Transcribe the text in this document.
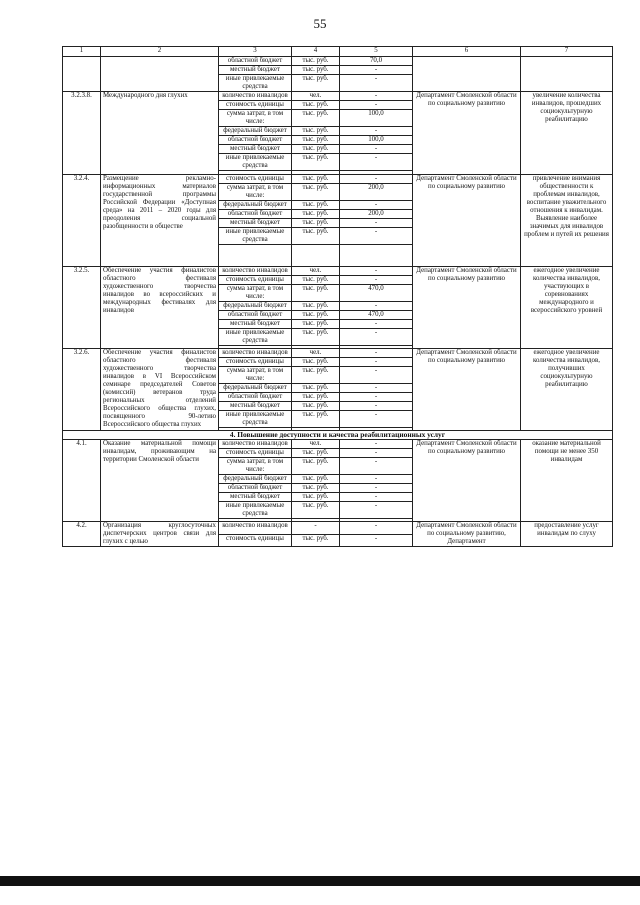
55
1	2	3	4	5	6	7
		областной бюджет	тыс. руб.	70,0		
		местный бюджет	тыс. руб.	-		
		иные привлекаемые средства	тыс. руб.	-		
3.2.3.8.	Международного дня глухих	количество инвалидов	чел.	-	Департамент Смоленской области по социальному развитию	увеличение количества инвалидов, прошедших социокультурную реабилитацию
		стоимость единицы	тыс. руб.	-		
		сумма затрат, в том числе:	тыс. руб.	100,0		
		федеральный бюджет	тыс. руб.	-		
		областной бюджет	тыс. руб.	100,0		
		местный бюджет	тыс. руб.	-		
		иные привлекаемые средства	тыс. руб.	-		

3.2.4.	Размещение рекламно-информационных материалов государственной программы Российской Федерации «Доступная среда» на 2011 – 2020 годы для преодоления социальной разобщенности в обществе	стоимость единицы	тыс. руб.	-	Департамент Смоленской области по социальному развитию	привлечение внимания общественности к проблемам инвалидов, воспитание уважительного отношения к инвалидам. Выявление наиболее значимых для инвалидов проблем и путей их решения
		сумма затрат, в том числе:	тыс. руб.	200,0		
		федеральный бюджет	тыс. руб.	-		
		областной бюджет	тыс. руб.	200,0		
		местный бюджет	тыс. руб.	-		
		иные привлекаемые средства	тыс. руб.	-		

3.2.5.	Обеспечение участия финалистов областного фестиваля художественного творчества инвалидов во всероссийских и международных фестивалях для инвалидов	количество инвалидов	чел.	-	Департамент Смоленской области по социальному развитию	ежегодное увеличение количества инвалидов, участвующих в соревнованиях международного и всероссийского уровней
		стоимость единицы	тыс. руб.	-		
		сумма затрат, в том числе:	тыс. руб.	470,0		
		федеральный бюджет	тыс. руб.	-		
		областной бюджет	тыс. руб.	470,0		
		местный бюджет	тыс. руб.	-		
		иные привлекаемые средства	тыс. руб.	-		

3.2.6.	Обеспечение участия финалистов областного фестиваля художественного творчества инвалидов в VI Всероссийском семинаре председателей Советов (комиссий) ветеранов труда региональных отделений Всероссийского общества глухих, посвященного 90-летию Всероссийского общества глухих	количество инвалидов	чел.	-	Департамент Смоленской области по социальному развитию	ежегодное увеличение количества инвалидов, получивших социокультурную реабилитацию
		стоимость единицы	тыс. руб.	-		
		сумма затрат, в том числе:	тыс. руб.	-		
		федеральный бюджет	тыс. руб.	-		
		областной бюджет	тыс. руб.	-		
		местный бюджет	тыс. руб.	-		
		иные привлекаемые средства	тыс. руб.	-		

4. Повышение доступности и качества реабилитационных услуг						
4.1.	Оказание материальной помощи инвалидам, проживающим на территории Смоленской области	количество инвалидов	чел.	-	Департамент Смоленской области по социальному развитию	оказание материальной помощи не менее 350 инвалидам
		стоимость единицы	тыс. руб.	-		
		сумма затрат, в том числе:	тыс. руб.	-		
		федеральный бюджет	тыс. руб.	-		
		областной бюджет	тыс. руб.	-		
		местный бюджет	тыс. руб.	-		
		иные привлекаемые средства	тыс. руб.	-		

4.2.	Организация круглосуточных диспетчерских центров связи для глухих с целью	количество инвалидов	-	-	Департамент Смоленской области по социальному развитию, Департамент	предоставление услуг инвалидам по слуху
		стоимость единицы	тыс. руб.	-		
